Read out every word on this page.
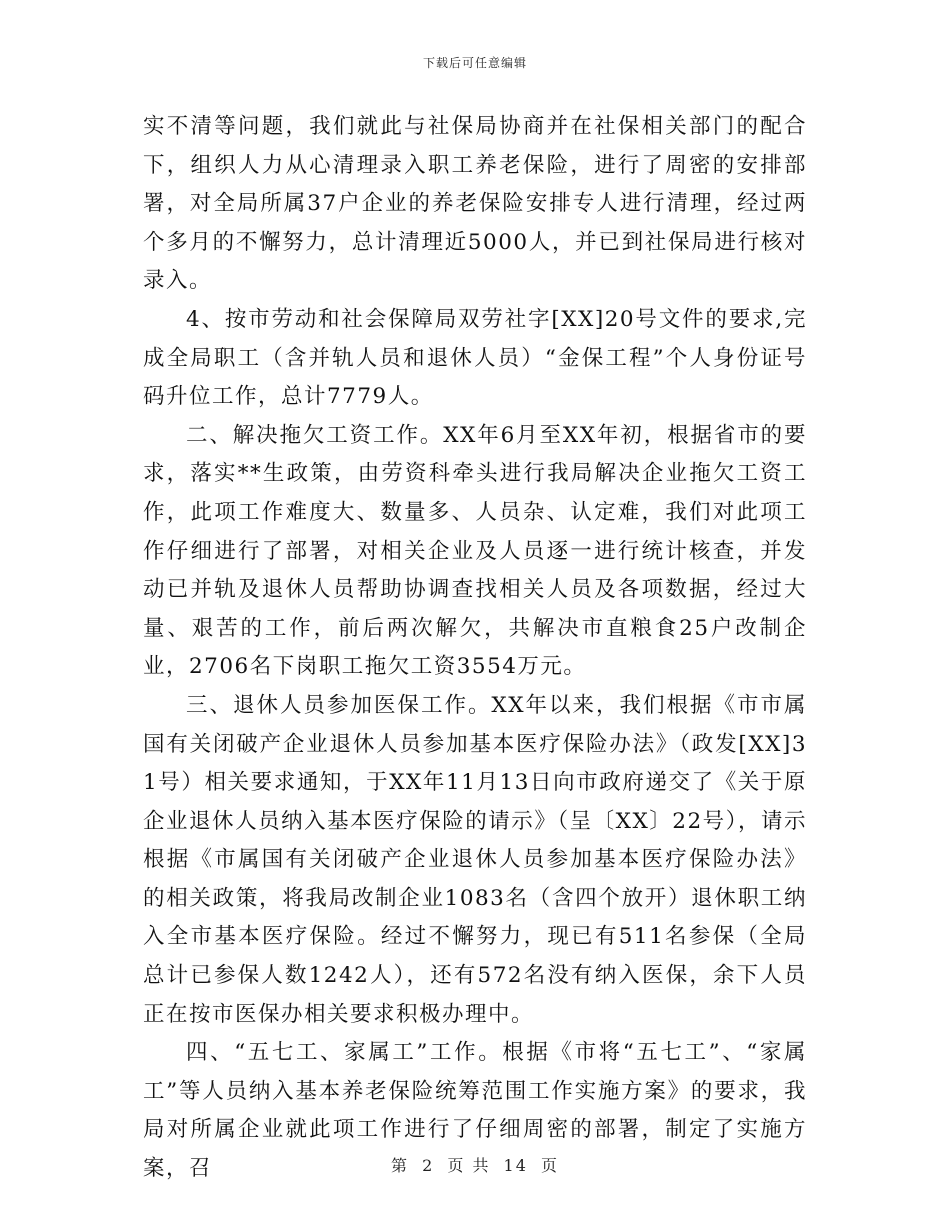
下载后可任意编辑

实不清等问题，我们就此与社保局协商并在社保相关部门的配合下，组织人力从心清理录入职工养老保险，进行了周密的安排部署，对全局所属37户企业的养老保险安排专人进行清理，经过两个多月的不懈努力，总计清理近5000人，并已到社保局进行核对录入。

4、按市劳动和社会保障局双劳社字[XX]20号文件的要求,完成全局职工（含并轨人员和退休人员）“金保工程”个人身份证号码升位工作，总计7779人。

二、解决拖欠工资工作。XX年6月至XX年初，根据省市的要求，落实**生政策，由劳资科牵头进行我局解决企业拖欠工资工作，此项工作难度大、数量多、人员杂、认定难，我们对此项工作仔细进行了部署，对相关企业及人员逐一进行统计核查，并发动已并轨及退休人员帮助协调查找相关人员及各项数据，经过大量、艰苦的工作，前后两次解欠，共解决市直粮食25户改制企业，2706名下岗职工拖欠工资3554万元。

三、退休人员参加医保工作。XX年以来，我们根据《市市属国有关闭破产企业退休人员参加基本医疗保险办法》（政发[XX]31号）相关要求通知，于XX年11月13日向市政府递交了《关于原企业退休人员纳入基本医疗保险的请示》（呈〔XX〕22号），请示根据《市属国有关闭破产企业退休人员参加基本医疗保险办法》的相关政策，将我局改制企业1083名（含四个放开）退休职工纳入全市基本医疗保险。经过不懈努力，现已有511名参保（全局总计已参保人数1242人），还有572名没有纳入医保，余下人员正在按市医保办相关要求积极办理中。

四、“五七工、家属工”工作。根据《市将“五七工”、“家属工”等人员纳入基本养老保险统筹范围工作实施方案》的要求，我局对所属企业就此项工作进行了仔细周密的部署，制定了实施方案，召	第 2 页 共 14 页
